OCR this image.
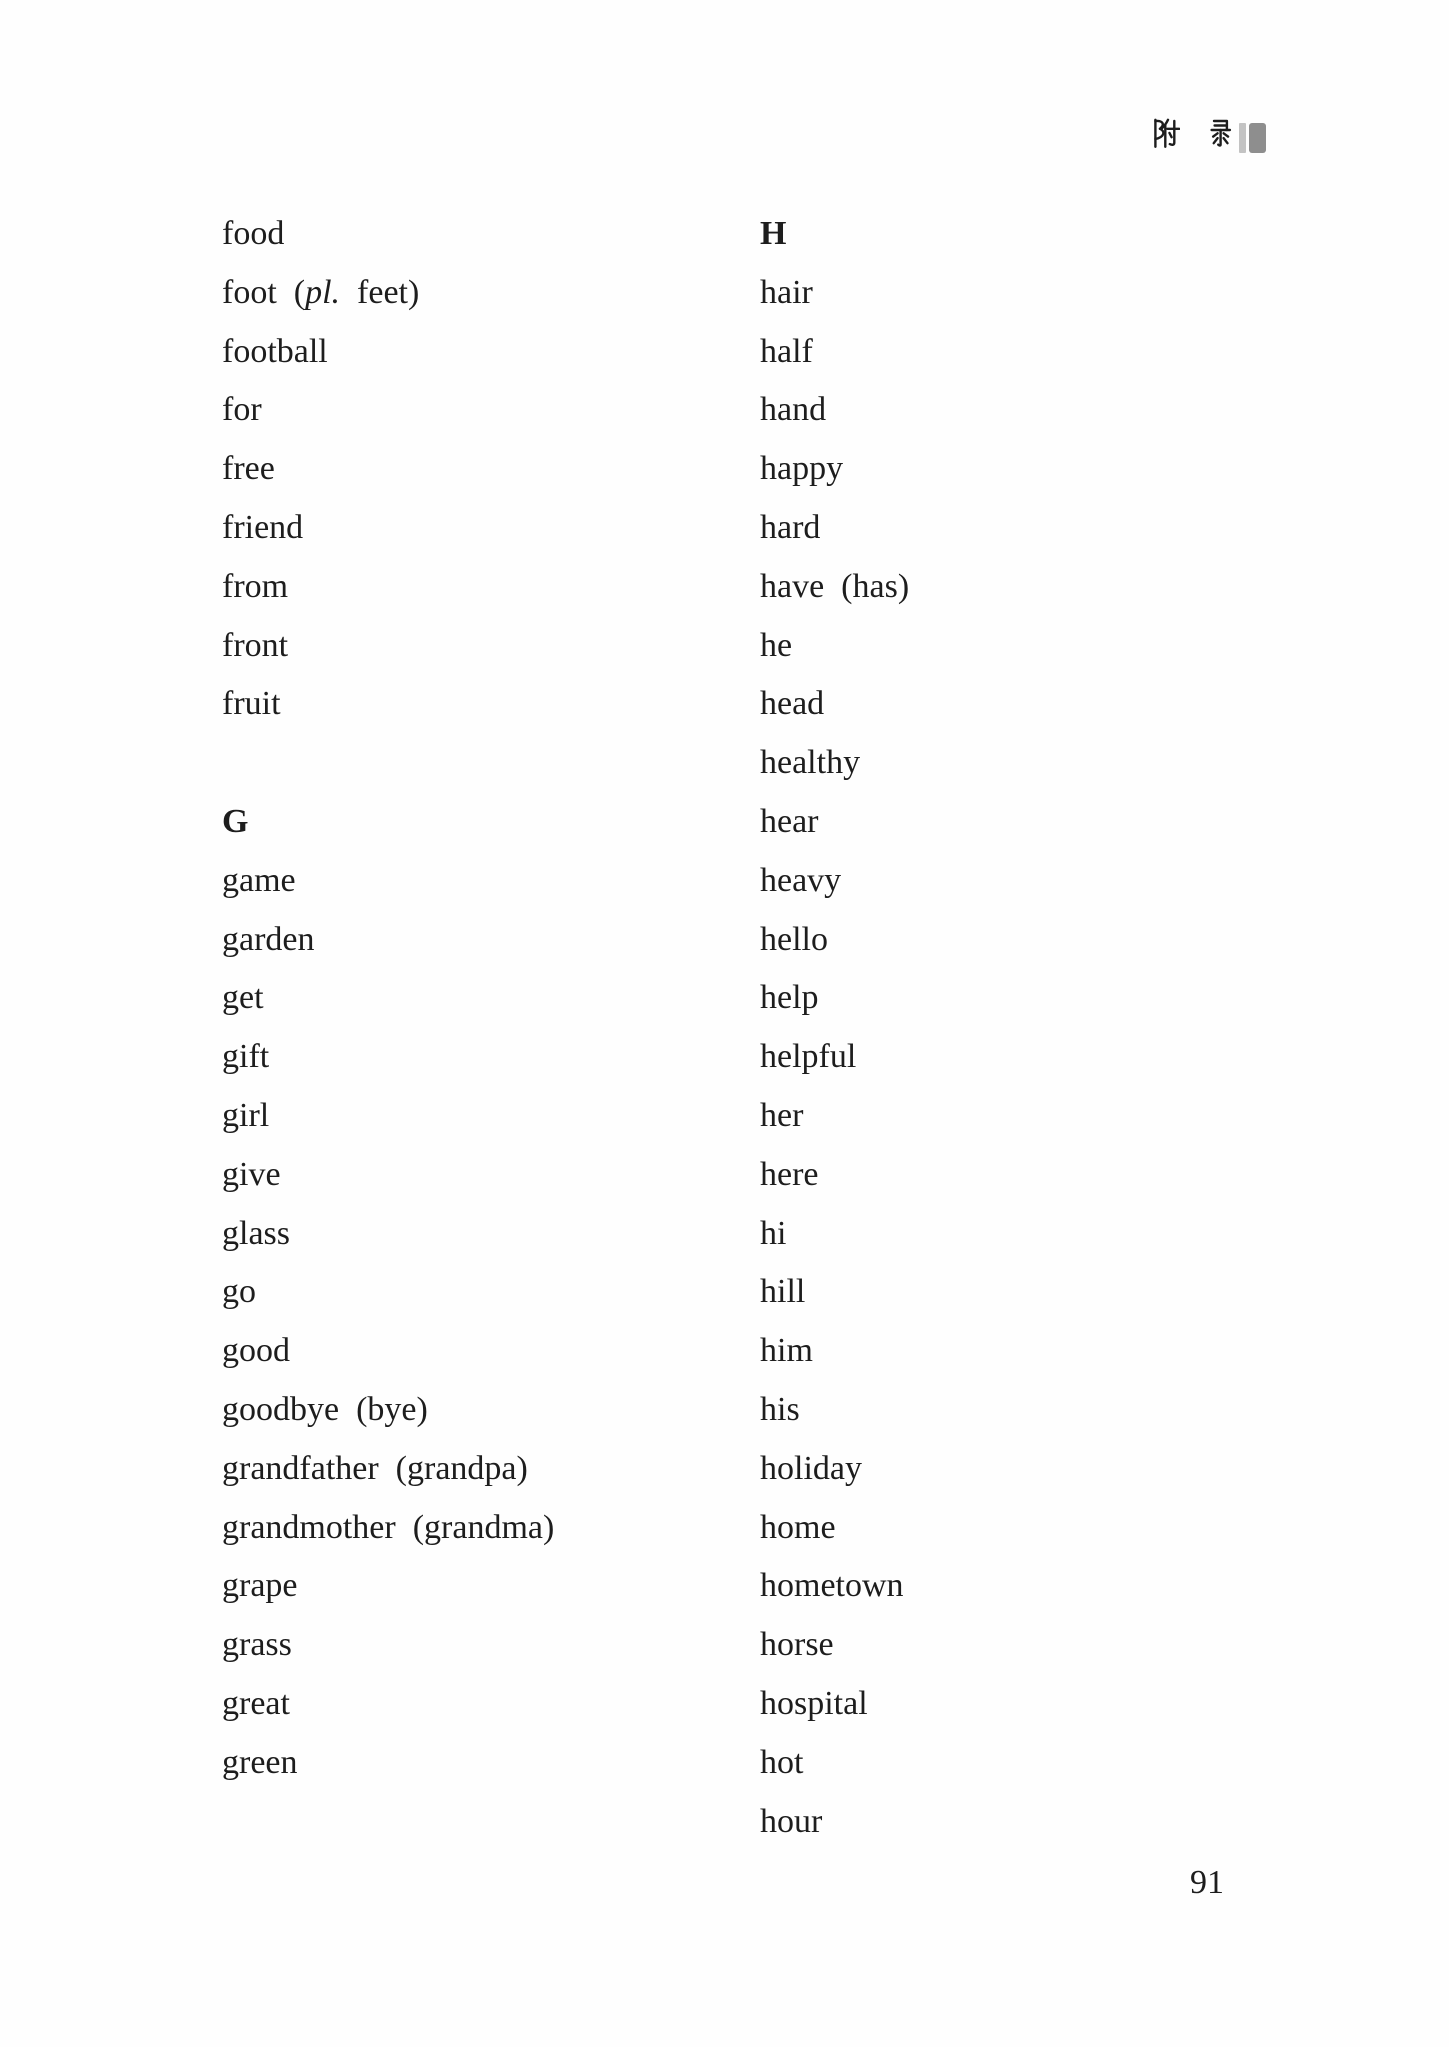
food
foot  (pl.  feet)
football
for
free
friend
from
front
fruit
G
game
garden
get
gift
girl
give
glass
go
good
goodbye  (bye)
grandfather  (grandpa)
grandmother  (grandma)
grape
grass
great
green
H
hair
half
hand
happy
hard
have  (has)
he
head
healthy
hear
heavy
hello
help
helpful
her
here
hi
hill
him
his
holiday
home
hometown
horse
hospital
hot
hour
91
